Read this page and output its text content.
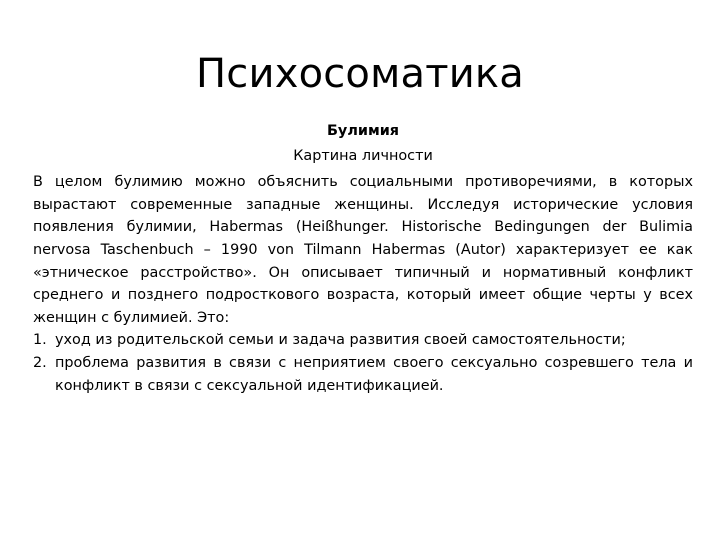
Психосоматика

Булимия

Картина личности

В целом булимию можно объяснить социальными противоречиями, в которых вырастают современные западные женщины. Исследуя исторические условия появления булимии, Habermas (Heißhunger. Historische Bedingungen der Bulimia nervosa Taschenbuch – 1990 von Tilmann Habermas (Autor) характеризует ее как «этническое расстройство». Он описывает типичный и нормативный конфликт среднего и позднего подросткового возраста, который имеет общие черты у всех женщин с булимией. Это:

1. уход из родительской семьи и задача развития своей самостоятельности;
2. проблема развития в связи с неприятием своего сексуально созревшего тела и конфликт в связи с сексуальной идентификацией.
